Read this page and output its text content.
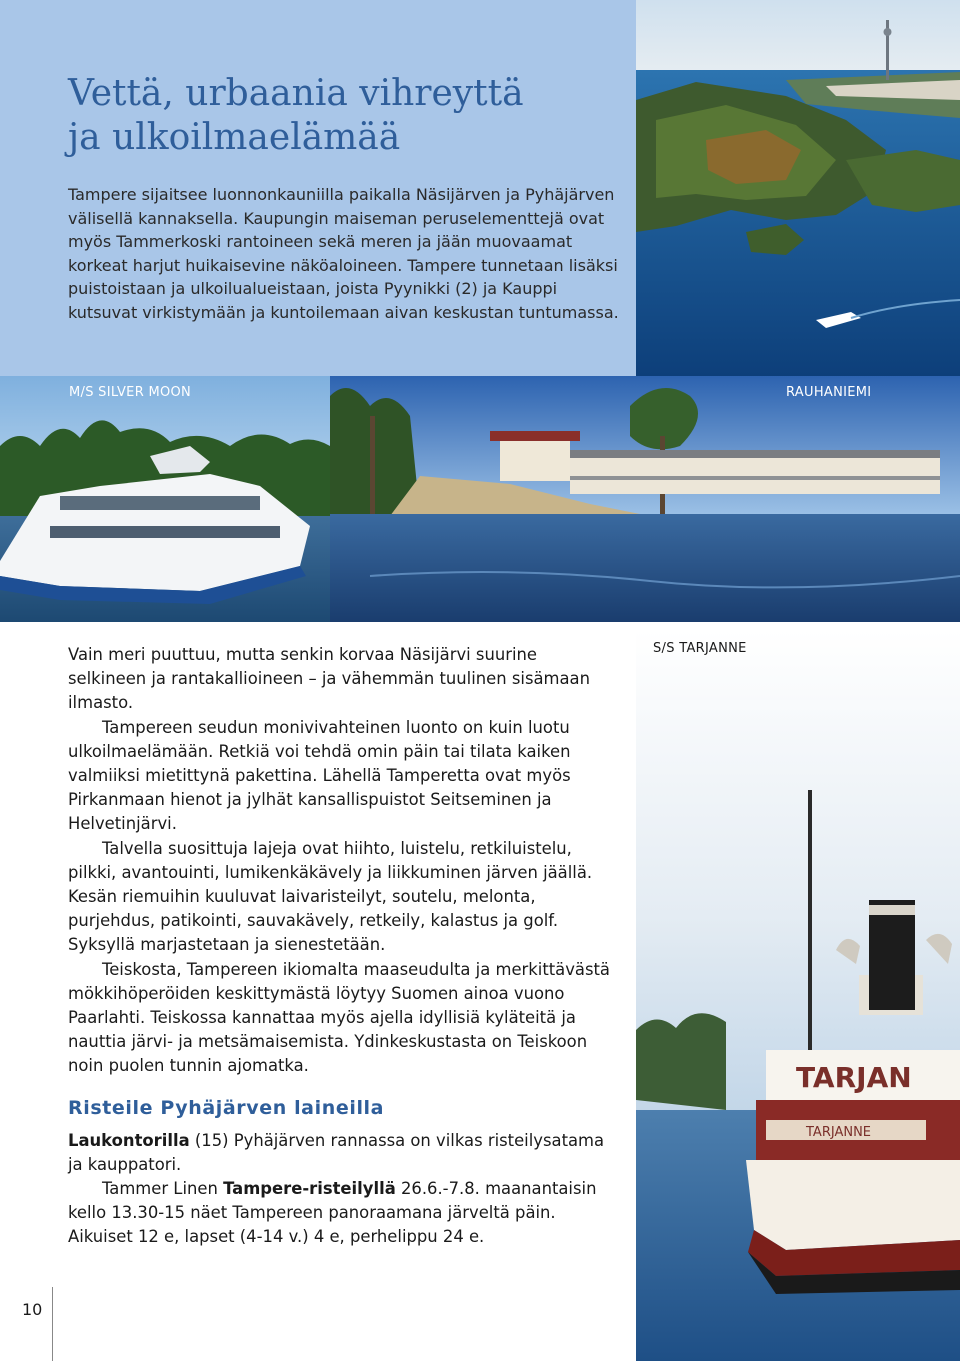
Vettä, urbaania vihreyttä
ja ulkoilmaelämää

Tampere sijaitsee luonnonkauniilla paikalla Näsijärven ja Pyhäjärven välisellä kannaksella. Kaupungin maiseman peruselementtejä ovat myös Tammerkoski rantoineen sekä meren ja jään muovaamat korkeat harjut huikaisevine näköaloineen. Tampere tunnetaan lisäksi puistoistaan ja ulkoilualueistaan, joista Pyynikki (2) ja Kauppi kutsuvat virkistymään ja kuntoilemaan aivan keskustan tuntumassa.

M/S SILVER MOON	RAUHANIEMI
TARJAN
TARJANNE
S/S TARJANNE

Vain meri puuttuu, mutta senkin korvaa Näsijärvi suurine selkineen ja rantakallioineen – ja vähemmän tuulinen sisämaan ilmasto.

Tampereen seudun monivivahteinen luonto on kuin luotu ulkoilmaelämään. Retkiä voi tehdä omin päin tai tilata kaiken valmiiksi mietittynä pakettina. Lähellä Tamperetta ovat myös Pirkanmaan hienot ja jylhät kansallispuistot Seitseminen ja Helvetinjärvi.

Talvella suosittuja lajeja ovat hiihto, luistelu, retkiluistelu, pilkki, avantouinti, lumikenkäkävely ja liikkuminen järven jäällä. Kesän riemuihin kuuluvat laivaristeilyt, soutelu, melonta, purjehdus, patikointi, sauvakävely, retkeily, kalastus ja golf. Syksyllä marjastetaan ja sienestetään.

Teiskosta, Tampereen ikiomalta maaseudulta ja merkittävästä mökkihöperöiden keskittymästä löytyy Suomen ainoa vuono Paarlahti. Teiskossa kannattaa myös ajella idyllisiä kyläteitä ja nauttia järvi- ja metsämaisemista. Ydinkeskustasta on Teiskoon noin puolen tunnin ajomatka.

Risteile Pyhäjärven laineilla

Laukontorilla (15) Pyhäjärven rannassa on vilkas risteilysatama ja kauppatori.

Tammer Linen Tampere-risteilyllä 26.6.-7.8. maanantaisin kello 13.30-15 näet Tampereen panoraamana järveltä päin. Aikuiset 12 e, lapset (4-14 v.) 4 e, perhelippu 24 e.

10
